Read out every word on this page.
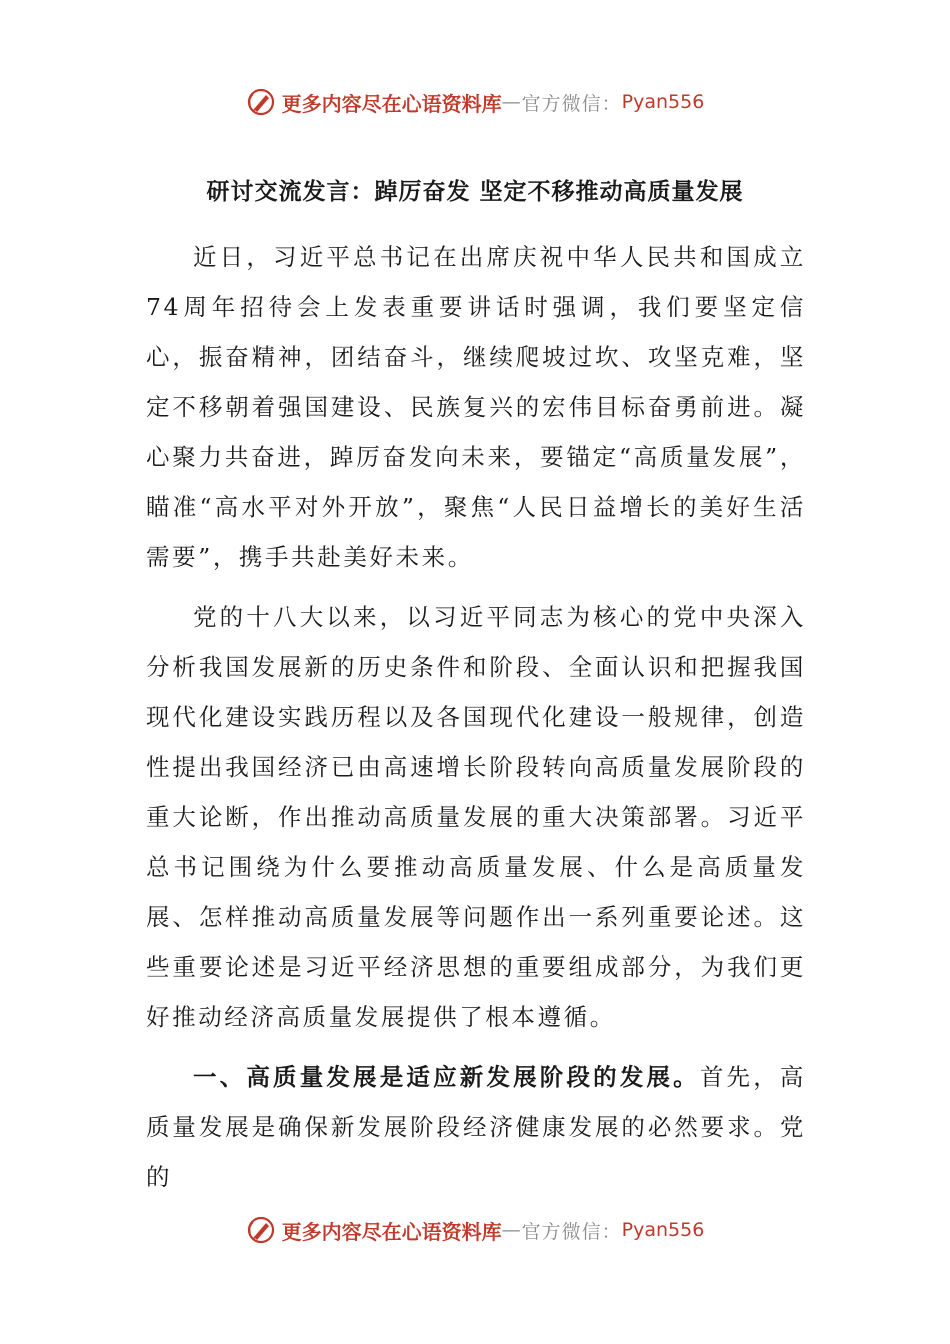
更多内容尽在心语资料库 — 官方微信： Pyan556
研讨交流发言：踔厉奋发 坚定不移推动高质量发展

近日，习近平总书记在出席庆祝中华人民共和国成立74周年招待会上发表重要讲话时强调，我们要坚定信心，振奋精神，团结奋斗，继续爬坡过坎、攻坚克难，坚定不移朝着强国建设、民族复兴的宏伟目标奋勇前进。凝心聚力共奋进，踔厉奋发向未来，要锚定“高质量发展”，瞄准“高水平对外开放”，聚焦“人民日益增长的美好生活需要”，携手共赴美好未来。

党的十八大以来，以习近平同志为核心的党中央深入分析我国发展新的历史条件和阶段、全面认识和把握我国现代化建设实践历程以及各国现代化建设一般规律，创造性提出我国经济已由高速增长阶段转向高质量发展阶段的重大论断，作出推动高质量发展的重大决策部署。习近平总书记围绕为什么要推动高质量发展、什么是高质量发展、怎样推动高质量发展等问题作出一系列重要论述。这些重要论述是习近平经济思想的重要组成部分，为我们更好推动经济高质量发展提供了根本遵循。

一、高质量发展是适应新发展阶段的发展。首先，高质量发展是确保新发展阶段经济健康发展的必然要求。党的

更多内容尽在心语资料库 — 官方微信： Pyan556
